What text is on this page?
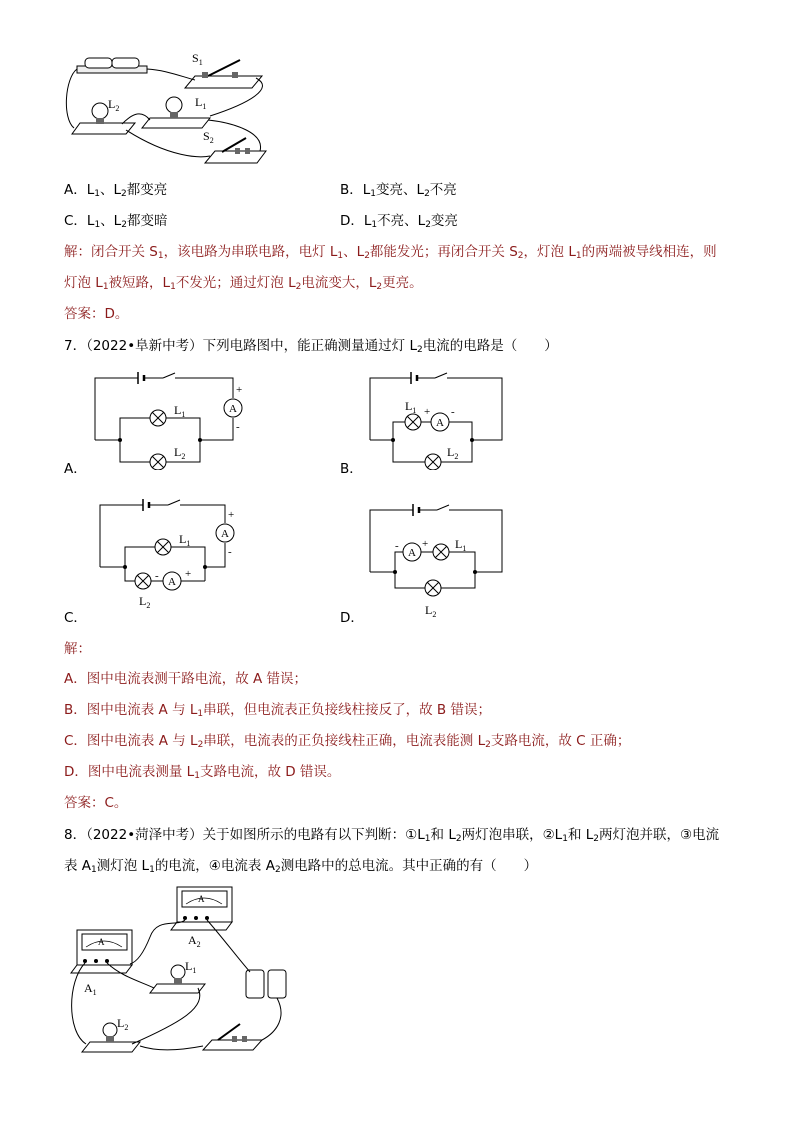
$S_1$
$L_1$
$L_2$
$S_2$
A．$L_1$、$L_2$都变亮	B．$L_1$变亮、$L_2$不亮
C．$L_1$、$L_2$都变暗	D．$L_1$不亮、$L_2$变亮
解：闭合开关 $S_1$，该电路为串联电路，电灯 $L_1$、$L_2$都能发光；再闭合开关 $S_2$，灯泡 $L_1$的两端被导线相连，则
灯泡 $L_1$被短路，$L_1$不发光；通过灯泡 $L_2$电流变大，$L_2$更亮。
答案：D。
7．（2022•阜新中考）下列电路图中，能正确测量通过灯 $L_2$电流的电路是（　　）
A
+
-
$L_1$
$L_2$
A．
A
+ -
$L_1$
$L_2$
B．
A
A
+
-
- +
$L_1$
$L_2$
C．
A
- + $L_1$
$L_2$
D．
解：
A．图中电流表测干路电流，故 A 错误；
B．图中电流表 A 与 $L_1$串联，但电流表正负接线柱接反了，故 B 错误；
C．图中电流表 A 与 $L_2$串联，电流表的正负接线柱正确，电流表能测 $L_2$支路电流，故 C 正确；
D．图中电流表测量 $L_1$支路电流，故 D 错误。
答案：C。
8．（2022•菏泽中考）关于如图所示的电路有以下判断：$①L_1$和 $L_2$两灯泡串联，$②L_1$和 $L_2$两灯泡并联，③电流
表 $A_1$测灯泡 $L_1$的电流，④电流表 $A_2$测电路中的总电流。其中正确的有（　　）
A
A	$A_2$
$A_1$
$L_1$
$L_2$
